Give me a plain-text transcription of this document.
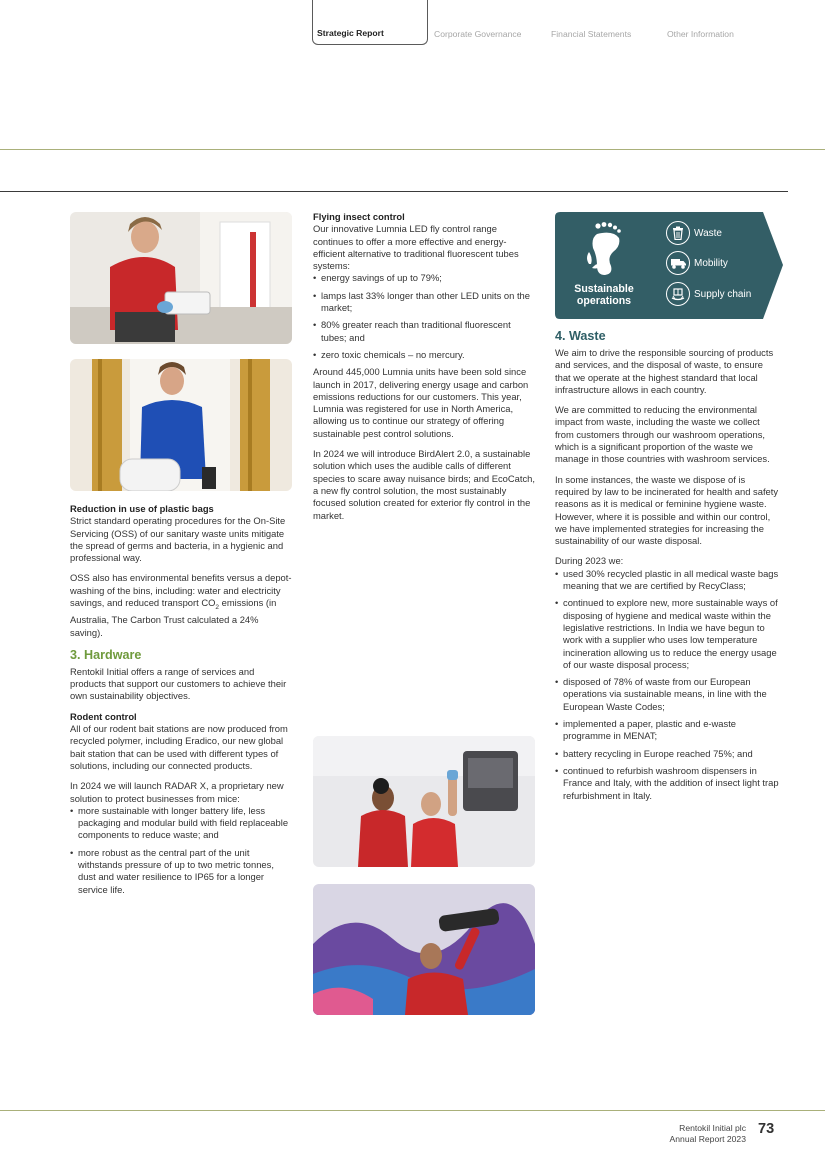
Strategic Report	Corporate Governance	Financial Statements	Other Information
Reduction in use of plastic bags

Strict standard operating procedures for the On-Site Servicing (OSS) of our sanitary waste units mitigate the spread of germs and bacteria, in a hygienic and professional way.

OSS also has environmental benefits versus a depot-washing of the bins, including: water and electricity savings, and reduced transport $CO_2$ emissions (in Australia, The Carbon Trust calculated a 24% saving).

3. Hardware

Rentokil Initial offers a range of services and products that support our customers to achieve their own sustainability objectives.

Rodent control

All of our rodent bait stations are now produced from recycled polymer, including Eradico, our new global bait station that can be used with different types of solutions, including our connected products.

In 2024 we will launch RADAR X, a proprietary new solution to protect businesses from mice:

• more sustainable with longer battery life, less packaging and modular build with field replaceable components to reduce waste; and
• more robust as the central part of the unit withstands pressure of up to two metric tonnes, dust and water resilience to IP65 for a longer service life.
Flying insect control

Our innovative Lumnia LED fly control range continues to offer a more effective and energy-efficient alternative to traditional fluorescent tubes systems:

• energy savings of up to 79%;
• lamps last 33% longer than other LED units on the market;
• 80% greater reach than traditional fluorescent tubes; and
• zero toxic chemicals – no mercury.

Around 445,000 Lumnia units have been sold since launch in 2017, delivering energy usage and carbon emissions reductions for our customers. This year, Lumnia was registered for use in North America, allowing us to continue our strategy of offering sustainable pest control solutions.

In 2024 we will introduce BirdAlert 2.0, a sustainable solution which uses the audible calls of different species to scare away nuisance birds; and EcoCatch, a new fly control solution, the most sustainably focused solution created for exterior fly control in the market.

Sustainable
operations
Waste
Mobility
Supply chain
4. Waste

We aim to drive the responsible sourcing of products and services, and the disposal of waste, to ensure that we operate at the highest standard that local infrastructure allows in each country.

We are committed to reducing the environmental impact from waste, including the waste we collect from customers through our washroom operations, which is a significant proportion of the waste we manage in those countries with washroom services.

In some instances, the waste we dispose of is required by law to be incinerated for health and safety reasons as it is medical or feminine hygiene waste. However, where it is possible and within our control, we have implemented strategies for increasing the sustainability of our waste disposal.

During 2023 we:

• used 30% recycled plastic in all medical waste bags meaning that we are certified by RecyClass;
• continued to explore new, more sustainable ways of disposing of hygiene and medical waste within the legislative restrictions. In India we have begun to work with a supplier who uses low temperature incineration allowing us to reduce the energy usage of our waste disposal process;
• disposed of 78% of waste from our European operations via sustainable means, in line with the European Waste Codes;
• implemented a paper, plastic and e-waste programme in MENAT;
• battery recycling in Europe reached 75%; and
• continued to refurbish washroom dispensers in France and Italy, with the addition of insect light trap refurbishment in Italy.
Rentokil Initial plc
Annual Report 2023
73
